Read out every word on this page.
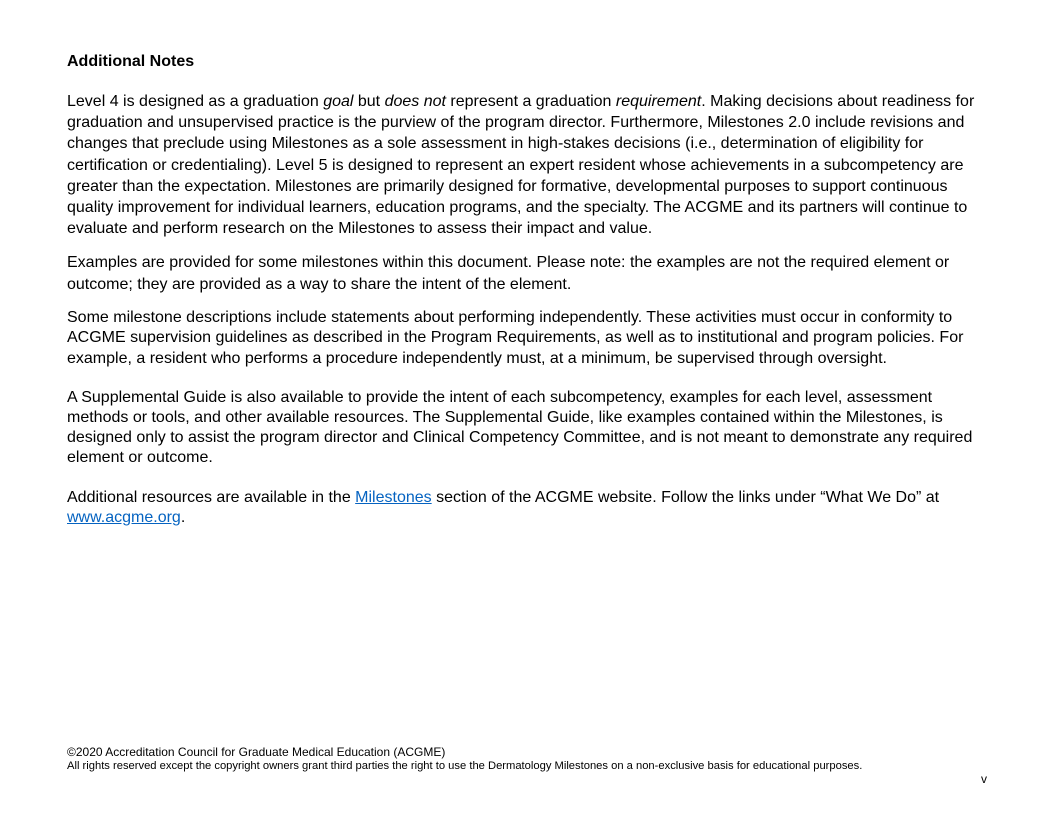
Additional Notes

Level 4 is designed as a graduation goal but does not represent a graduation requirement. Making decisions about readiness for
graduation and unsupervised practice is the purview of the program director. Furthermore, Milestones 2.0 include revisions and
changes that preclude using Milestones as a sole assessment in high-stakes decisions (i.e., determination of eligibility for
certification or credentialing). Level 5 is designed to represent an expert resident whose achievements in a subcompetency are
greater than the expectation. Milestones are primarily designed for formative, developmental purposes to support continuous
quality improvement for individual learners, education programs, and the specialty. The ACGME and its partners will continue to
evaluate and perform research on the Milestones to assess their impact and value.

Examples are provided for some milestones within this document. Please note: the examples are not the required element or
outcome; they are provided as a way to share the intent of the element.

Some milestone descriptions include statements about performing independently. These activities must occur in conformity to
ACGME supervision guidelines as described in the Program Requirements, as well as to institutional and program policies. For
example, a resident who performs a procedure independently must, at a minimum, be supervised through oversight.

A Supplemental Guide is also available to provide the intent of each subcompetency, examples for each level, assessment
methods or tools, and other available resources. The Supplemental Guide, like examples contained within the Milestones, is
designed only to assist the program director and Clinical Competency Committee, and is not meant to demonstrate any required
element or outcome.

Additional resources are available in the Milestones section of the ACGME website. Follow the links under “What We Do” at
www.acgme.org.

©2020 Accreditation Council for Graduate Medical Education (ACGME)
All rights reserved except the copyright owners grant third parties the right to use the Dermatology Milestones on a non-exclusive basis for educational purposes.
v
